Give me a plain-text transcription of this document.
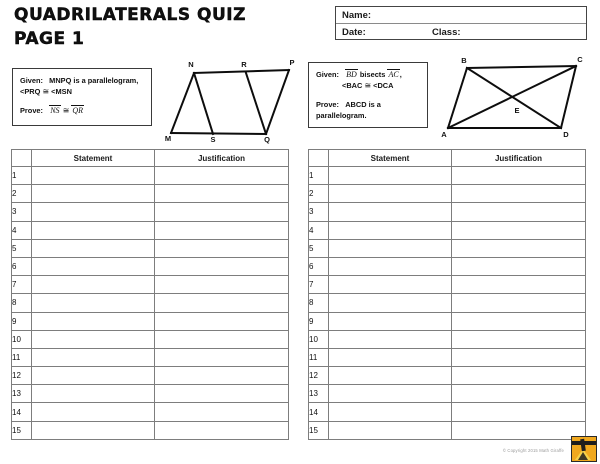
QUADRILATERALS QUIZ
PAGE 1
Name:
Date:	Class:
Given: MNPQ is a parallelogram,
<PRQ ≅ <MSN
Prove: NS ≅ QR
N	R	P
M	S	Q
Given: BD bisects AC,
<BAC ≅ <DCA
Prove: ABCD is a
parallelogram.
B	C
A	D
E
	Statement	Justification
1		
2		
3		
4		
5		
6		
7		
8		
9		
10		
11		
12		
13		
14		
15		
	Statement	Justification
1		
2		
3		
4		
5		
6		
7		
8		
9		
10		
11		
12		
13		
14		
15		
© Copyright 2015 Math Giraffe
